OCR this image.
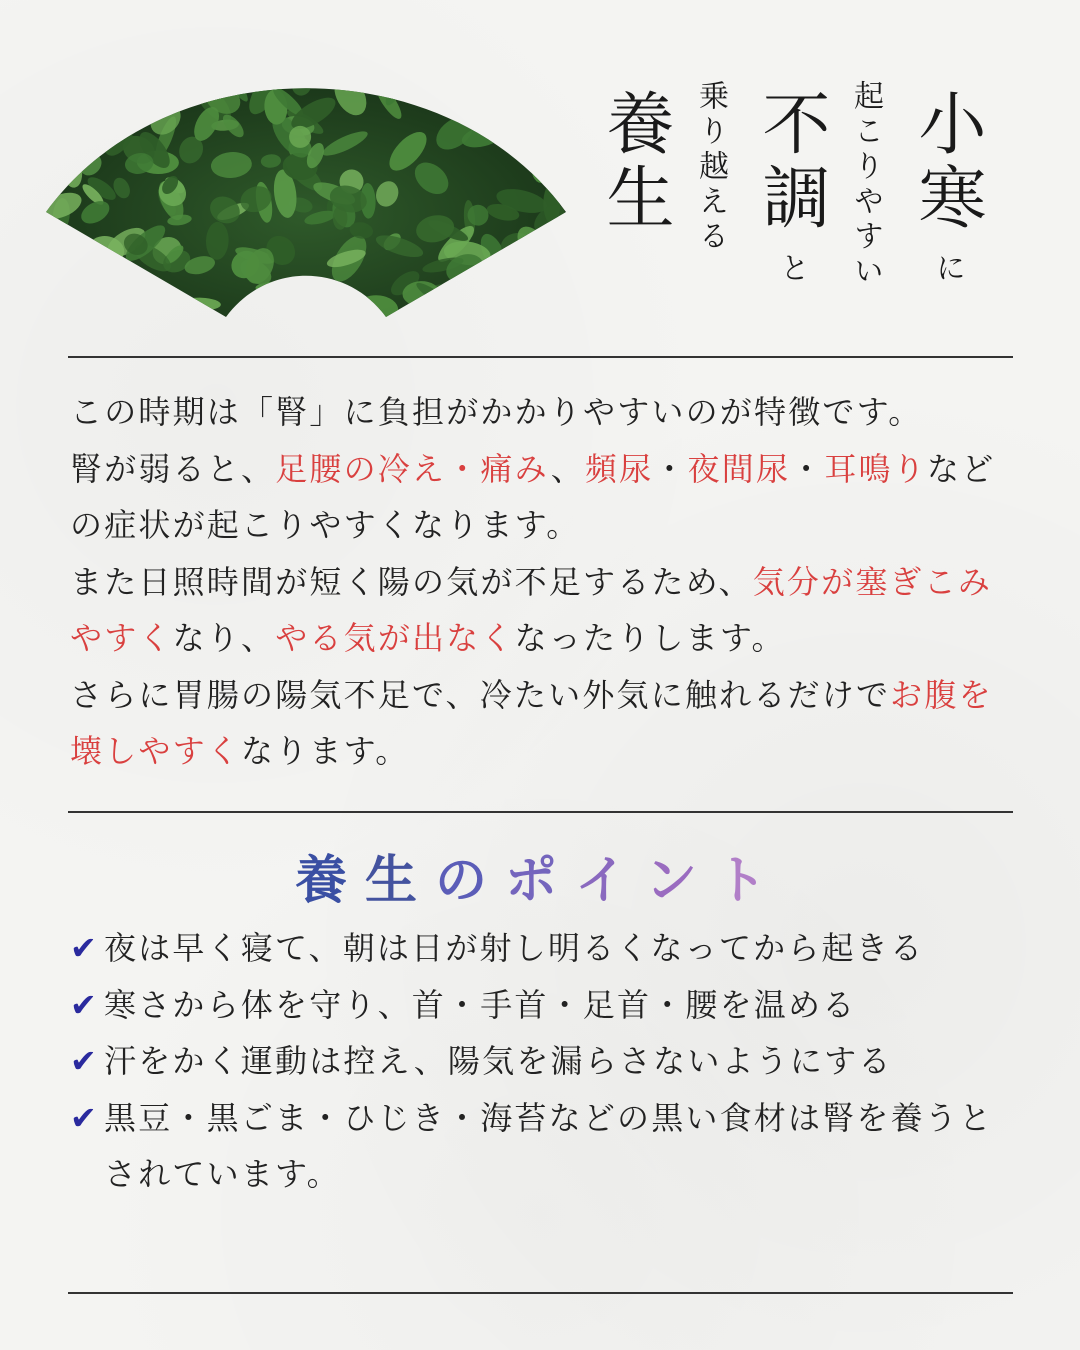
小寒
に
起こりやすい
不調
と
乗り越える
養生

この時期は「腎」に負担がかかりやすいのが特徴です。
腎が弱ると、足腰の冷え・痛み、頻尿・夜間尿・耳鳴りなど
の症状が起こりやすくなります。
また日照時間が短く陽の気が不足するため、気分が塞ぎこみやすくなり、やる気が出なくなったりします。
さらに胃腸の陽気不足で、冷たい外気に触れるだけでお腹を壊しやすくなります。

養生のポイント
✔ 夜は早く寝て、朝は日が射し明るくなってから起きる
✔ 寒さから体を守り、首・手首・足首・腰を温める
✔ 汗をかく運動は控え、陽気を漏らさないようにする
✔ 黒豆・黒ごま・ひじき・海苔などの黒い食材は腎を養うとされています。
